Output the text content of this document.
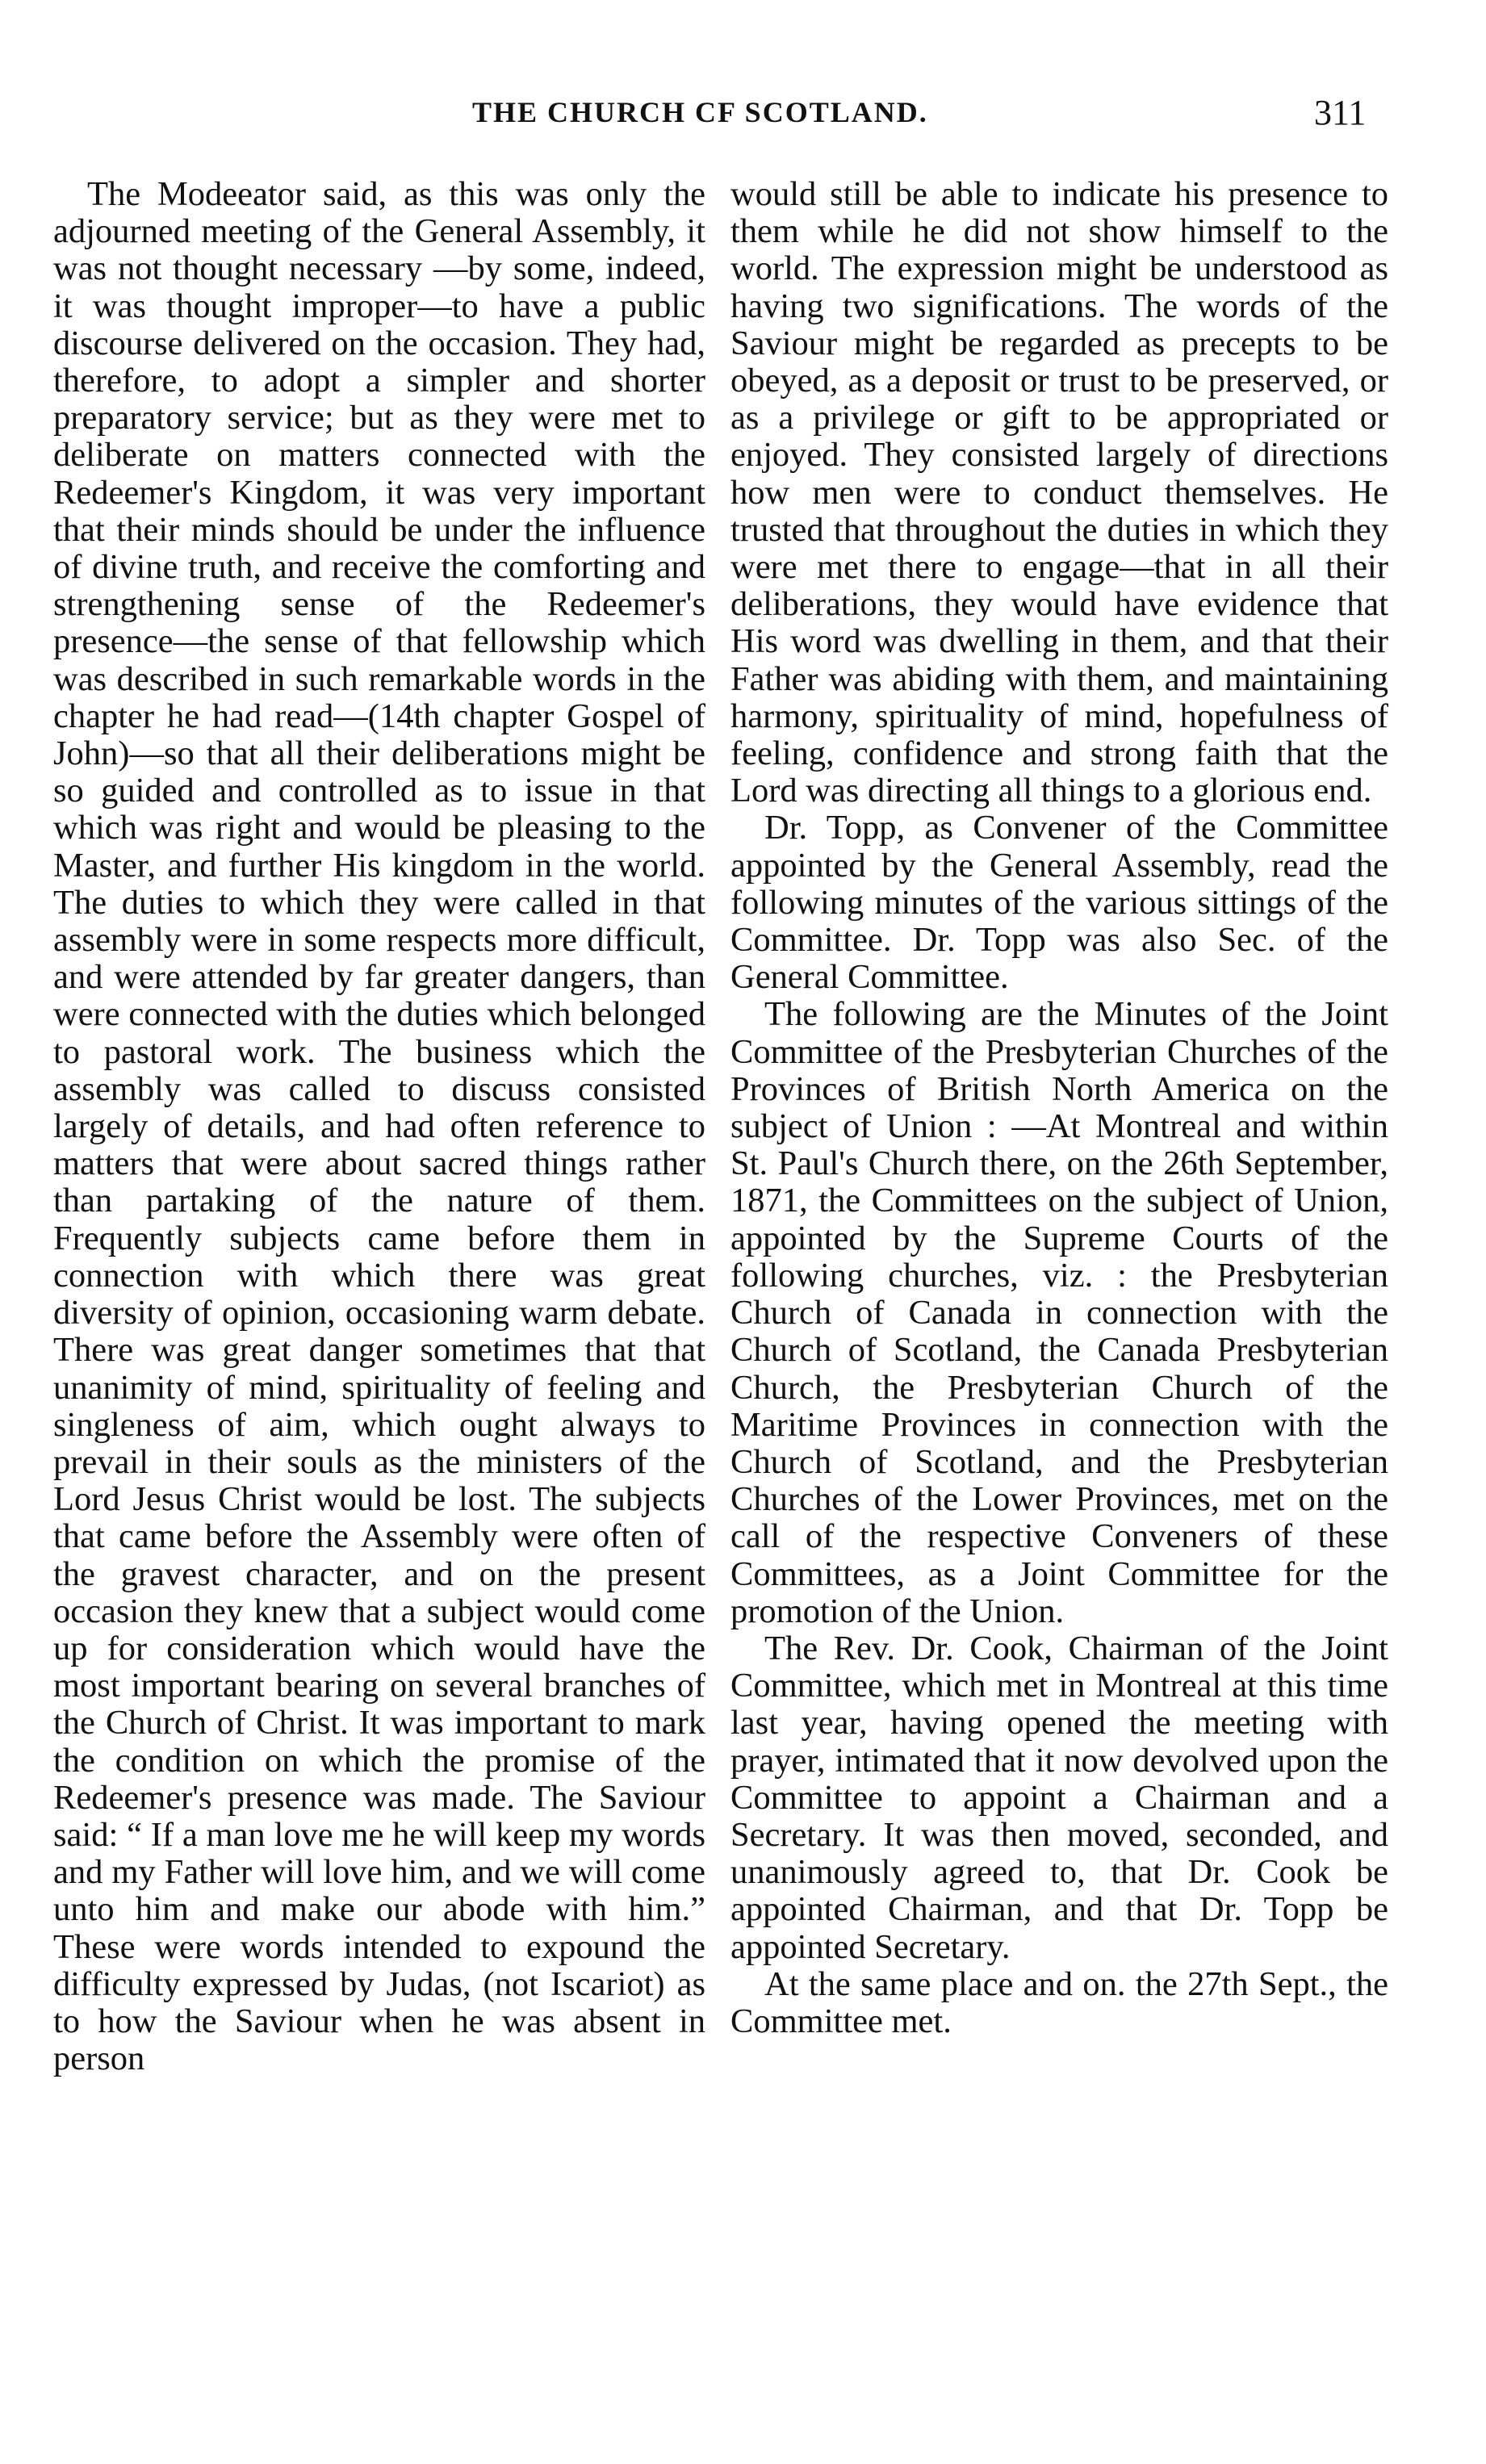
THE CHURCH CF SCOTLAND.	311

The Modeeator said, as this was only the adjourned meeting of the General Assembly, it was not thought necessary —by some, indeed, it was thought improper—to have a public discourse delivered on the occasion. They had, therefore, to adopt a simpler and shorter preparatory service; but as they were met to deliberate on matters connected with the Redeemer's Kingdom, it was very important that their minds should be under the influence of divine truth, and receive the comforting and strengthening sense of the Redeemer's presence—the sense of that fellowship which was described in such remarkable words in the chapter he had read—(14th chapter Gospel of John)—so that all their deliberations might be so guided and controlled as to issue in that which was right and would be pleasing to the Master, and further His kingdom in the world. The duties to which they were called in that assembly were in some respects more difficult, and were attended by far greater dangers, than were connected with the duties which belonged to pastoral work. The business which the assembly was called to discuss consisted largely of details, and had often reference to matters that were about sacred things rather than partaking of the nature of them. Frequently subjects came before them in connection with which there was great diversity of opinion, occasioning warm debate. There was great danger sometimes that that unanimity of mind, spirituality of feeling and singleness of aim, which ought always to prevail in their souls as the ministers of the Lord Jesus Christ would be lost. The subjects that came before the Assembly were often of the gravest character, and on the present occasion they knew that a subject would come up for consideration which would have the most important bearing on several branches of the Church of Christ. It was important to mark the condition on which the promise of the Redeemer's presence was made. The Saviour said: “ If a man love me he will keep my words and my Father will love him, and we will come unto him and make our abode with him.” These were words intended to expound the difficulty expressed by Judas, (not Iscariot) as to how the Saviour when he was absent in person

would still be able to indicate his presence to them while he did not show himself to the world. The expression might be understood as having two significations. The words of the Saviour might be regarded as precepts to be obeyed, as a deposit or trust to be preserved, or as a privilege or gift to be appropriated or enjoyed. They consisted largely of directions how men were to conduct themselves. He trusted that throughout the duties in which they were met there to engage—that in all their deliberations, they would have evidence that His word was dwelling in them, and that their Father was abiding with them, and maintaining harmony, spirituality of mind, hopefulness of feeling, confidence and strong faith that the Lord was directing all things to a glorious end.

Dr. Topp, as Convener of the Committee appointed by the General Assembly, read the following minutes of the various sittings of the Committee. Dr. Topp was also Sec. of the General Committee.

The following are the Minutes of the Joint Committee of the Presbyterian Churches of the Provinces of British North America on the subject of Union : —At Montreal and within St. Paul's Church there, on the 26th September, 1871, the Committees on the subject of Union, appointed by the Supreme Courts of the following churches, viz. : the Presbyterian Church of Canada in connection with the Church of Scotland, the Canada Presbyterian Church, the Presbyterian Church of the Maritime Provinces in connection with the Church of Scotland, and the Presbyterian Churches of the Lower Provinces, met on the call of the respective Conveners of these Committees, as a Joint Committee for the promotion of the Union.

The Rev. Dr. Cook, Chairman of the Joint Committee, which met in Montreal at this time last year, having opened the meeting with prayer, intimated that it now devolved upon the Committee to appoint a Chairman and a Secretary. It was then moved, seconded, and unanimously agreed to, that Dr. Cook be appointed Chairman, and that Dr. Topp be appointed Secretary.

At the same place and on. the 27th Sept., the Committee met.
